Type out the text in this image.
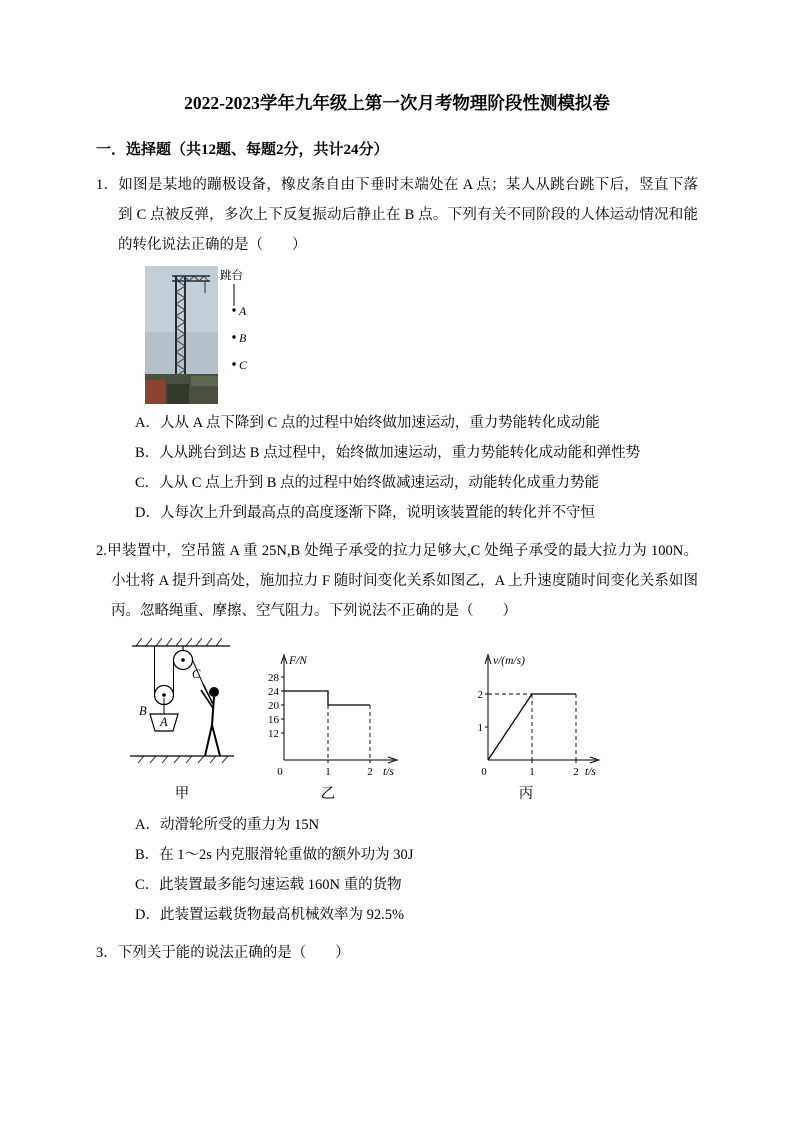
2022-2023学年九年级上第一次月考物理阶段性测模拟卷
一．选择题（共12题、每题2分，共计24分）

1．如图是某地的蹦极设备，橡皮条自由下垂时末端处在 A 点；某人从跳台跳下后，竖直下落到 C 点被反弹，多次上下反复振动后静止在 B 点。下列有关不同阶段的人体运动情况和能的转化说法正确的是（　　）

跳台
A
B
C
A．人从 A 点下降到 C 点的过程中始终做加速运动，重力势能转化成动能
B．人从跳台到达 B 点过程中，始终做加速运动，重力势能转化成动能和弹性势
C．人从 C 点上升到 B 点的过程中始终做减速运动，动能转化成重力势能
D．人每次上升到最高点的高度逐渐下降，说明该装置能的转化并不守恒

2.甲装置中，空吊篮 A 重 25N,B 处绳子承受的拉力足够大,C 处绳子承受的最大拉力为 100N。小壮将 A 提升到高处，施加拉力 F 随时间变化关系如图乙，A 上升速度随时间变化关系如图丙。忽略绳重、摩擦、空气阻力。下列说法不正确的是（　　）

B
A
C
甲
F/N
t/s
28
24
20
16
12
0	1	2
乙
v/(m/s)
t/s
2
1
0	1	2
丙
A．动滑轮所受的重力为 15N
B．在 1～2s 内克服滑轮重做的额外功为 30J
C．此装置最多能匀速运载 160N 重的货物
D．此装置运载货物最高机械效率为 92.5%

3．下列关于能的说法正确的是（　　）
